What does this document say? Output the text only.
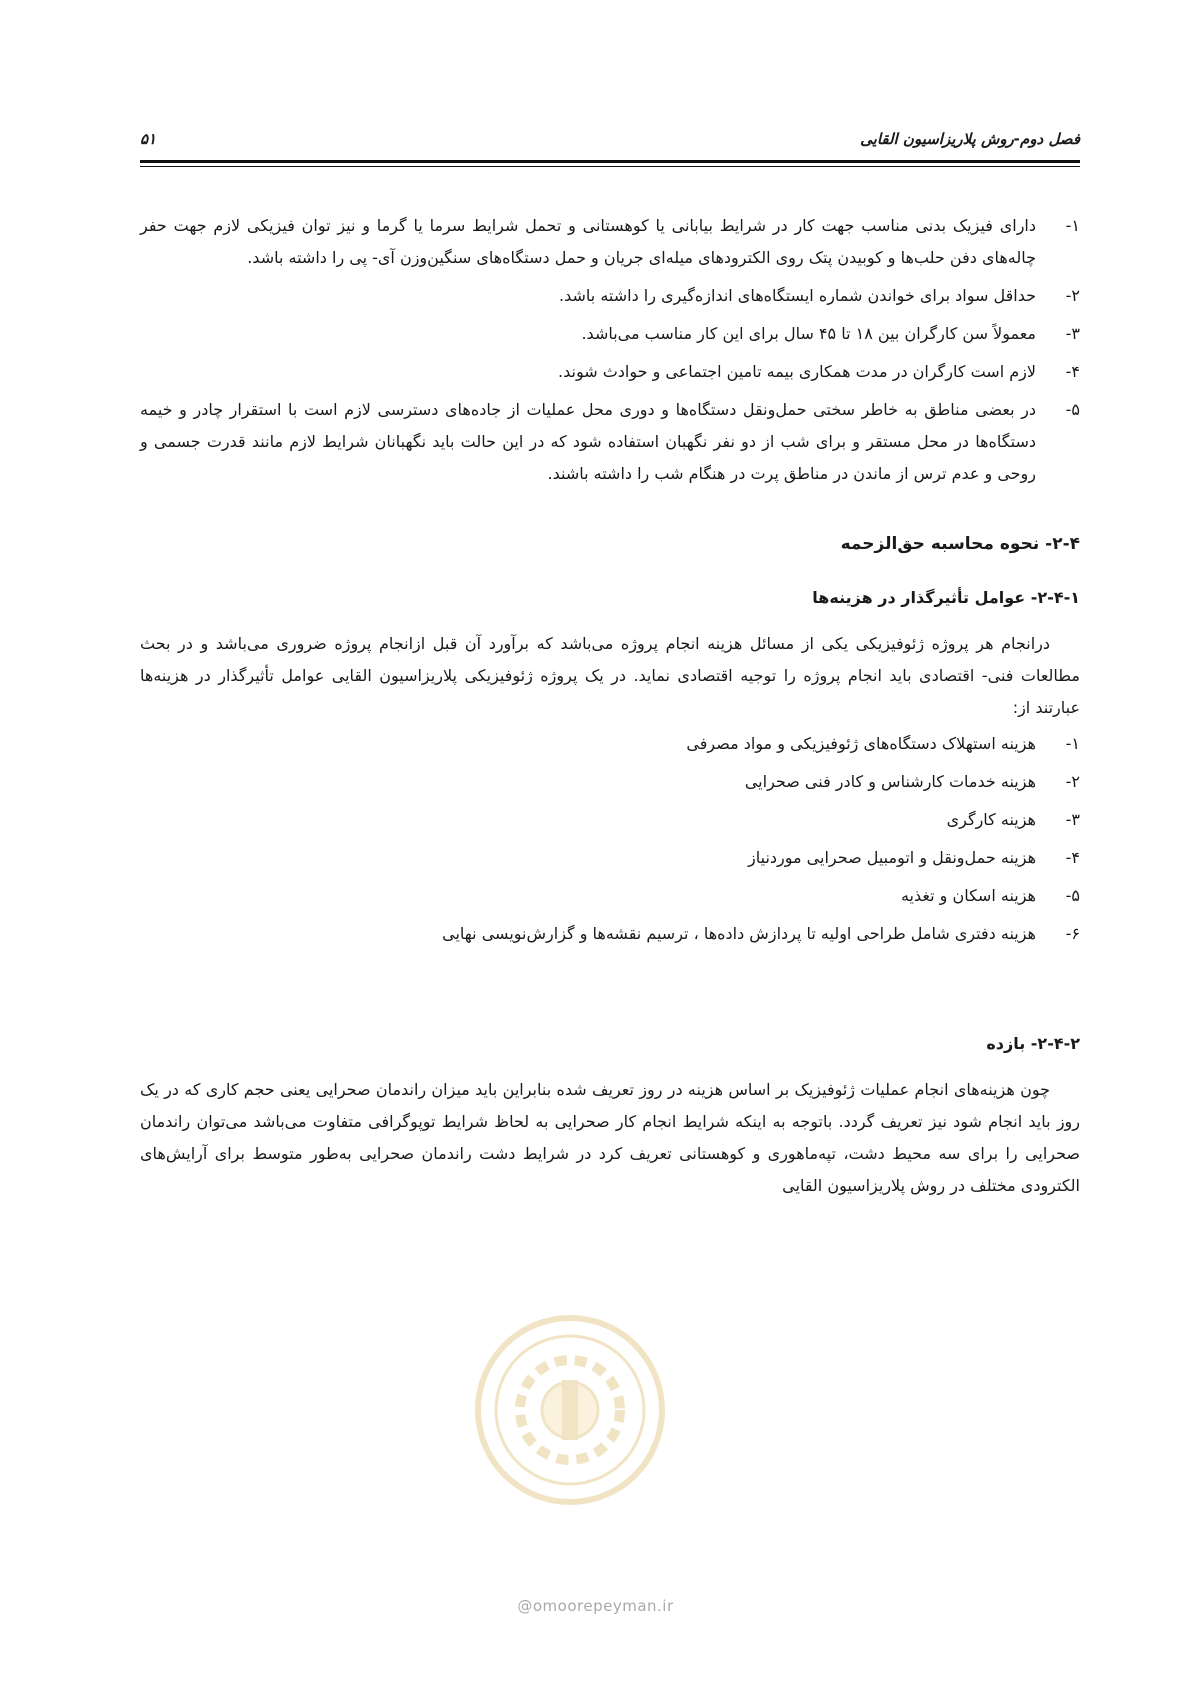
فصل دوم-روش پلاریزاسیون القایی
۵۱
۱-
دارای فیزیک بدنی مناسب جهت کار در شرایط بیابانی یا کوهستانی و تحمل شرایط سرما یا گرما و نیز توان فیزیکی لازم جهت حفر چاله‌های دفن حلب‌ها و کوبیدن پتک روی الکترودهای میله‌ای جریان و حمل دستگاه‌های سنگین‌وزن آی- پی را داشته باشد.
۲-
حداقل سواد برای خواندن شماره ایستگاه‌های اندازه‌گیری را داشته باشد.
۳-
معمولاً سن کارگران بین ۱۸ تا ۴۵ سال برای این کار مناسب می‌باشد.
۴-
لازم است کارگران در مدت همکاری بیمه تامین اجتماعی و حوادث شوند.
۵-
در بعضی مناطق به خاطر سختی حمل‌ونقل دستگاه‌ها و دوری محل عملیات از جاده‌های دسترسی لازم است با استقرار چادر و خیمه دستگاه‌ها در محل مستقر و برای شب از دو نفر نگهبان استفاده شود که در این حالت باید نگهبانان شرایط لازم مانند قدرت جسمی و روحی و عدم ترس از ماندن در مناطق پرت در هنگام شب را داشته باشند.
۲-۴- نحوه محاسبه حق‌الزحمه
۲-۴-۱- عوامل تأثیرگذار در هزینه‌ها

درانجام هر پروژه ژئوفیزیکی یکی از مسائل هزینه انجام پروژه می‌باشد که برآورد آن قبل ازانجام پروژه ضروری می‌باشد و در بحث مطالعات فنی- اقتصادی باید انجام پروژه را توجیه اقتصادی نماید. در یک پروژه ژئوفیزیکی پلاریزاسیون القایی عوامل تأثیرگذار در هزینه‌ها عبارتند از:

۱-
هزینه استهلاک دستگاه‌های ژئوفیزیکی و مواد مصرفی
۲-
هزینه خدمات کارشناس و کادر فنی صحرایی
۳-
هزینه کارگری
۴-
هزینه حمل‌ونقل و اتومبیل صحرایی موردنیاز
۵-
هزینه اسکان و تغذیه
۶-
هزینه دفتری شامل طراحی اولیه تا پردازش داده‌ها ، ترسیم نقشه‌ها و گزارش‌نویسی نهایی
۲-۴-۲- بازده

چون هزینه‌های انجام عملیات ژئوفیزیک بر اساس هزینه در روز تعریف شده بنابراین باید میزان راندمان صحرایی یعنی حجم کاری که در یک روز باید انجام شود نیز تعریف گردد. باتوجه به اینکه شرایط انجام کار صحرایی به لحاظ شرایط توپوگرافی متفاوت می‌باشد می‌توان راندمان صحرایی را برای سه محیط دشت، تپه‌ماهوری و کوهستانی تعریف کرد در شرایط دشت راندمان صحرایی به‌طور متوسط برای آرایش‌های الکترودی مختلف در روش پلاریزاسیون القایی

@omoorepeyman.ir
